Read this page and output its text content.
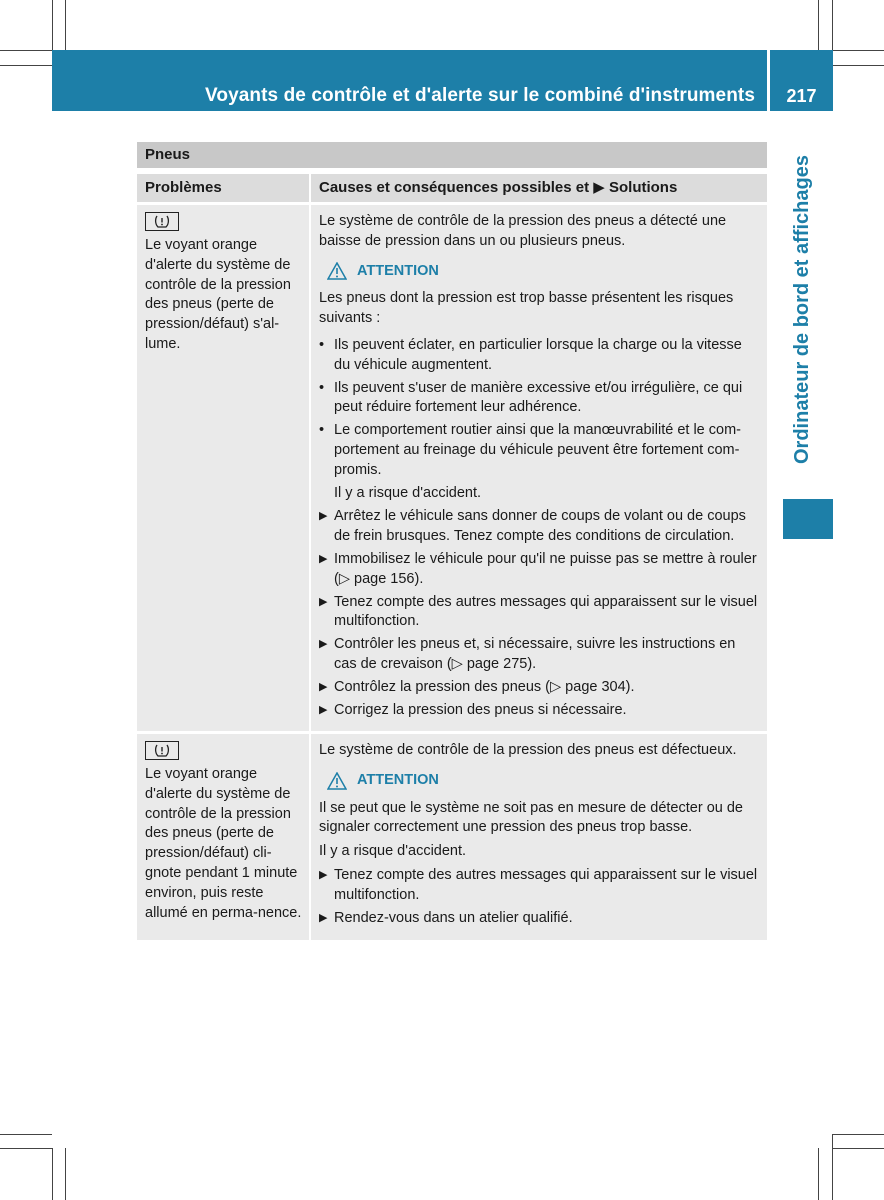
Voyants de contrôle et d'alerte sur le combiné d'instruments	217
Ordinateur de bord et affichages
Pneus
Problèmes	Causes et conséquences possibles et ▶ Solutions
Le voyant orange d'alerte du système de contrôle de la pression des pneus (perte de pression/défaut) s'al-lume.

Le système de contrôle de la pression des pneus a détecté une baisse de pression dans un ou plusieurs pneus.

ATTENTION

Les pneus dont la pression est trop basse présentent les risques suivants :

• Ils peuvent éclater, en particulier lorsque la charge ou la vitesse du véhicule augmentent.
• Ils peuvent s'user de manière excessive et/ou irrégulière, ce qui peut réduire fortement leur adhérence.
• Le comportement routier ainsi que la manœuvrabilité et le com-portement au freinage du véhicule peuvent être fortement com-promis.
Il y a risque d'accident.
▶ Arrêtez le véhicule sans donner de coups de volant ou de coups de frein brusques. Tenez compte des conditions de circulation.
▶ Immobilisez le véhicule pour qu'il ne puisse pas se mettre à rouler (▷ page 156).
▶ Tenez compte des autres messages qui apparaissent sur le visuel multifonction.
▶ Contrôler les pneus et, si nécessaire, suivre les instructions en cas de crevaison (▷ page 275).
▶ Contrôlez la pression des pneus (▷ page 304).
▶ Corrigez la pression des pneus si nécessaire.
Le voyant orange d'alerte du système de contrôle de la pression des pneus (perte de pression/défaut) cli-gnote pendant 1 minute environ, puis reste allumé en perma-nence.

Le système de contrôle de la pression des pneus est défectueux.

ATTENTION

Il se peut que le système ne soit pas en mesure de détecter ou de signaler correctement une pression des pneus trop basse.

Il y a risque d'accident.
▶ Tenez compte des autres messages qui apparaissent sur le visuel multifonction.
▶ Rendez-vous dans un atelier qualifié.
